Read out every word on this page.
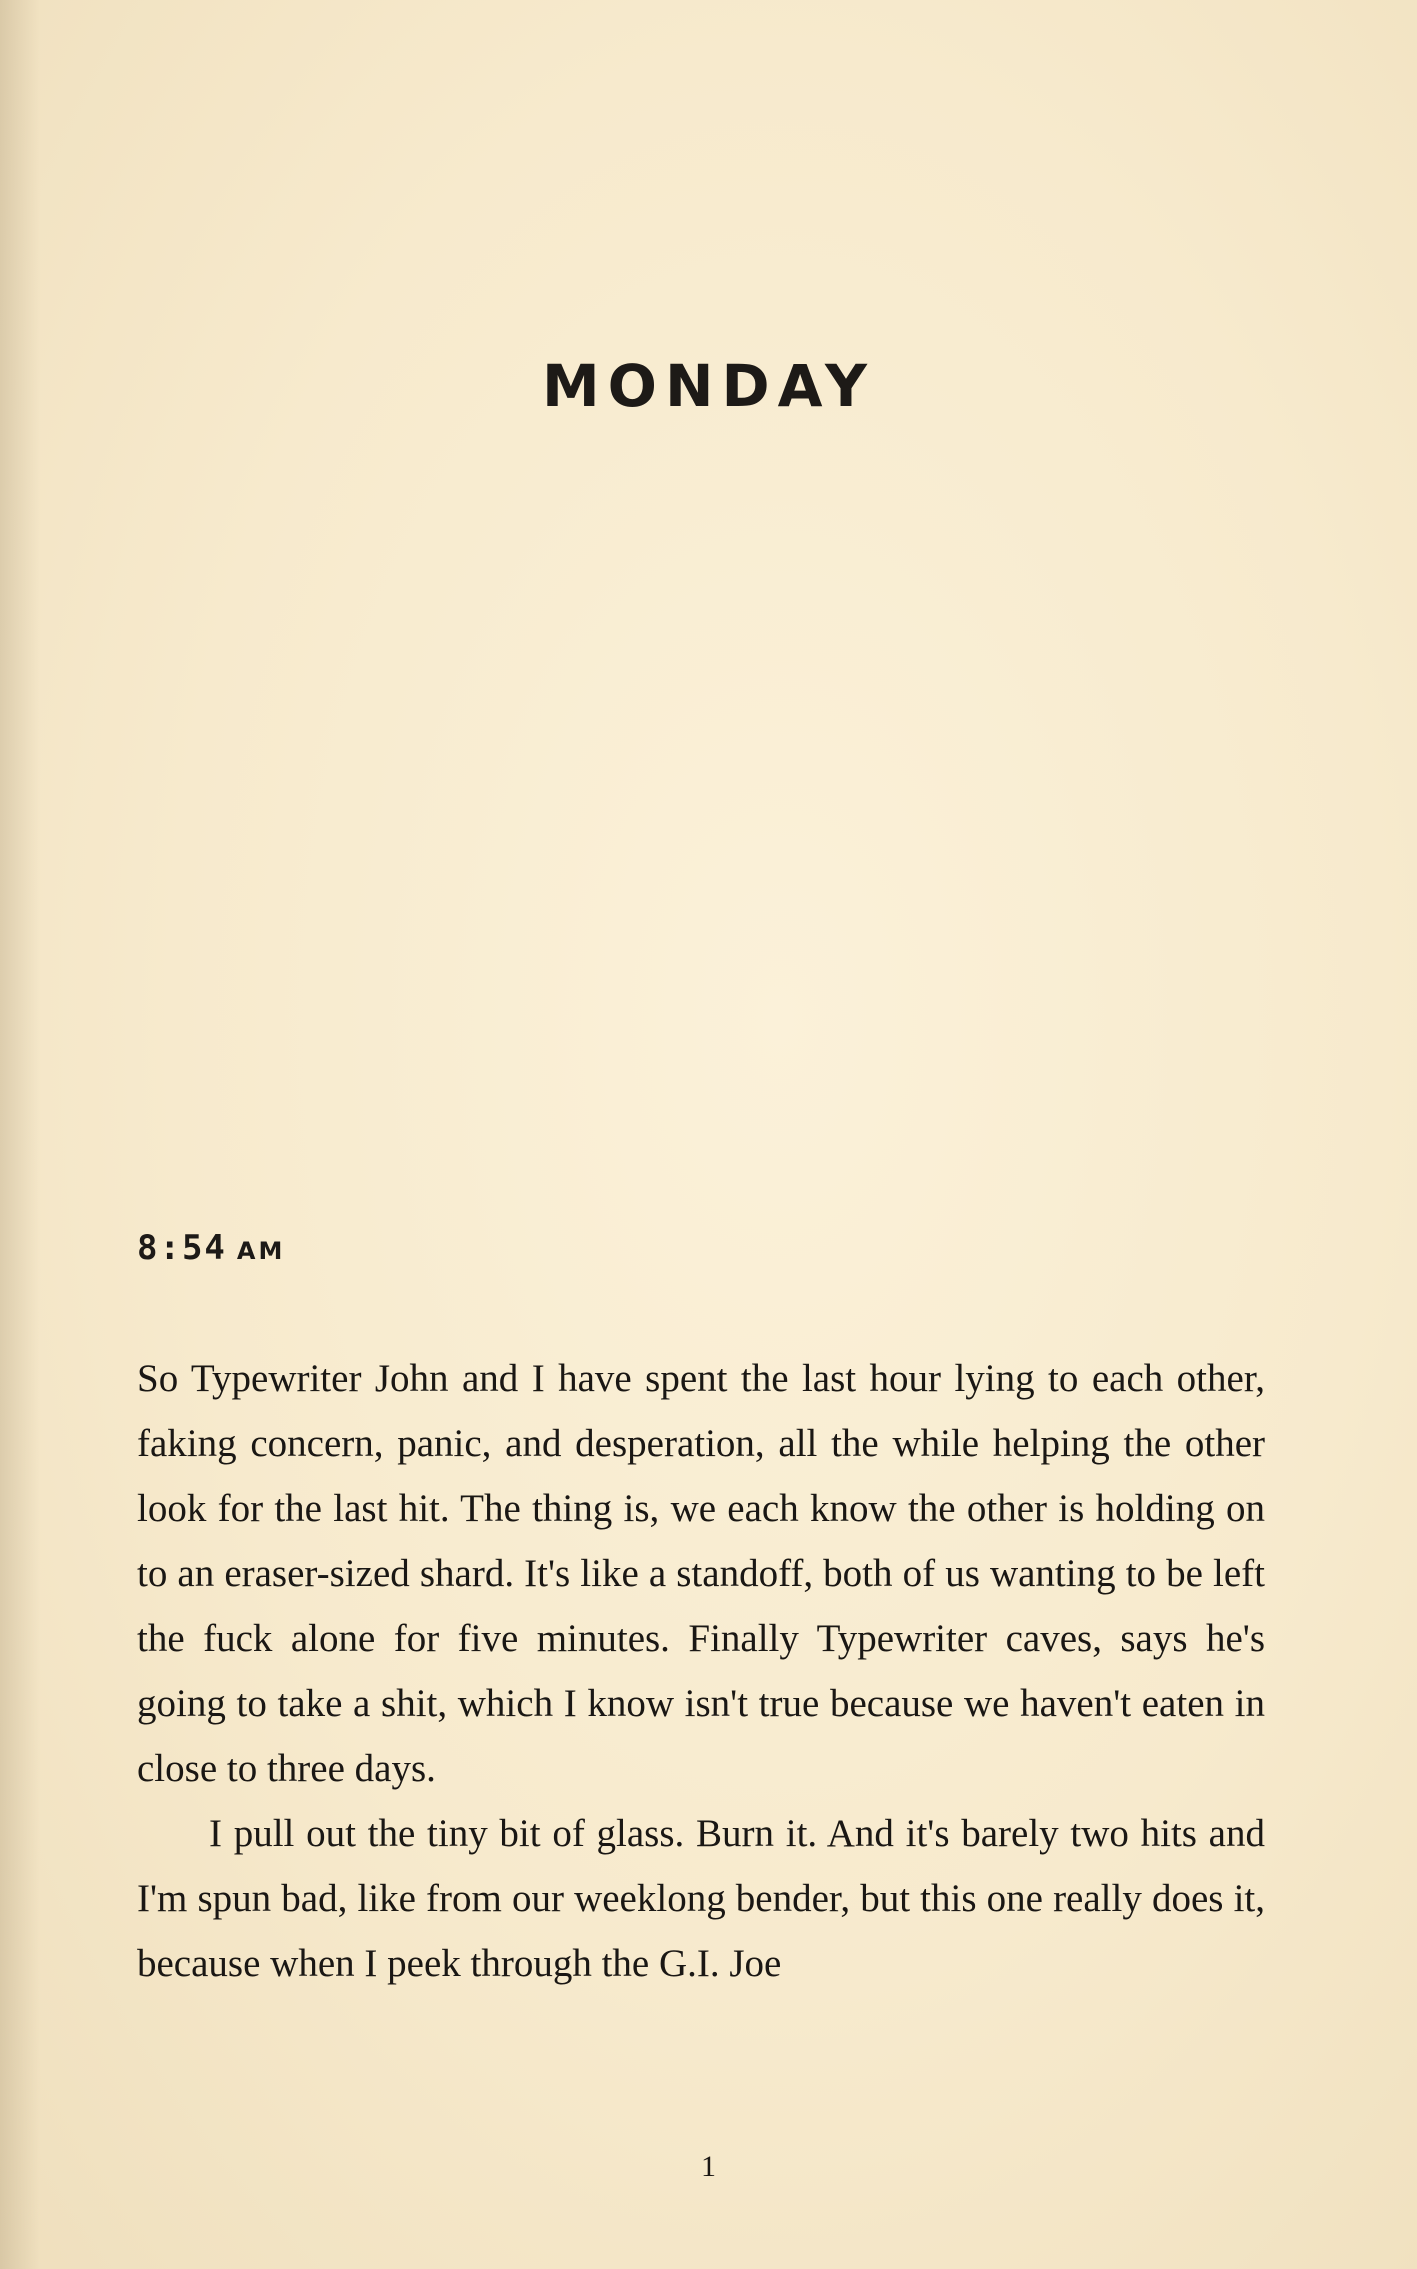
MONDAY
8:54 AM

So Typewriter John and I have spent the last hour lying to each other, faking concern, panic, and desperation, all the while helping the other look for the last hit. The thing is, we each know the other is holding on to an eraser-sized shard. It's like a standoff, both of us wanting to be left the fuck alone for five minutes. Finally Typewriter caves, says he's going to take a shit, which I know isn't true because we haven't eaten in close to three days.

I pull out the tiny bit of glass. Burn it. And it's barely two hits and I'm spun bad, like from our weeklong bender, but this one really does it, because when I peek through the G.I. Joe

1
